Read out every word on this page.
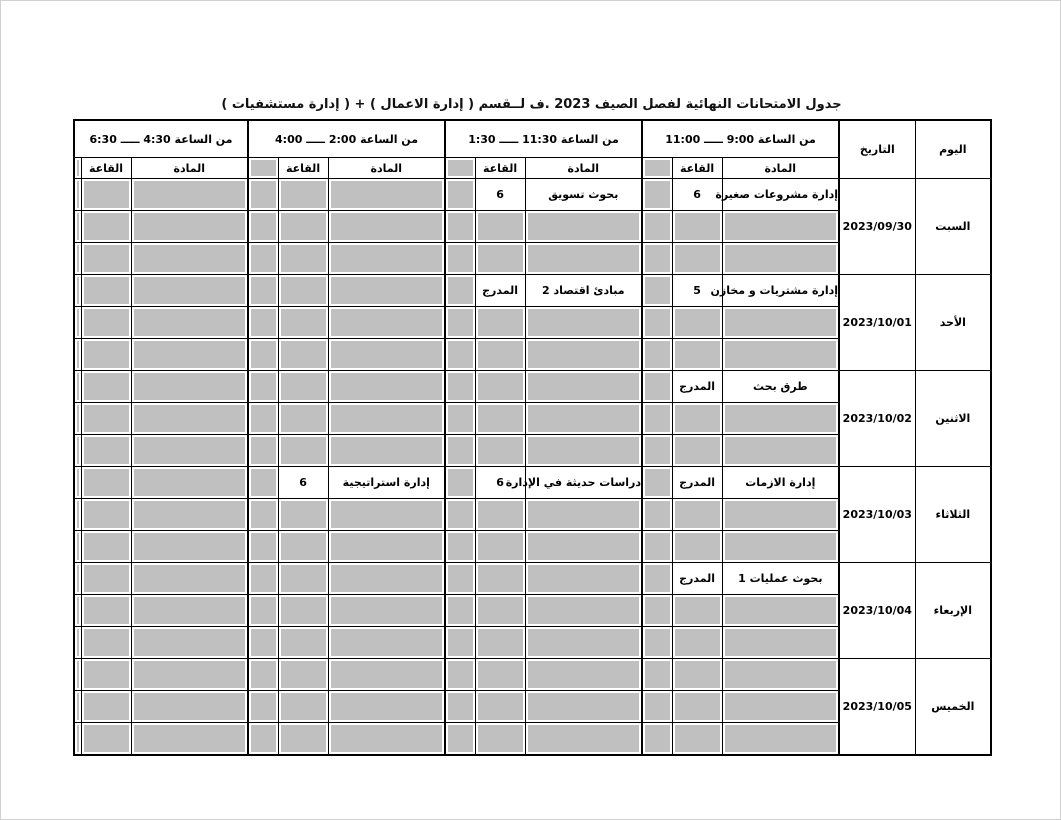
جدول الامتحانات النهائية لفصل الصيف 2023 .ف لــقسم ( إدارة الاعمال ) + ( إدارة مستشفيات )
اليوم	التاريخ	من الساعة 9:00 ـــــ 11:00			من الساعة 11:30 ـــــ 1:30			من الساعة 2:00 ـــــ 4:00			من الساعة 4:30 ـــــ 6:30		
		المادة	القاعة		المادة	القاعة		المادة	القاعة		المادة	القاعة	
السبت	2023/09/30	إدارة مشروعات صغيرة	6		بحوث تسويق	6							

الأحد	2023/10/01	إدارة مشتريات و مخازن	5		مبادئ اقتصاد 2	المدرج							

الاثنين	2023/10/02	طرق بحث	المدرج										

الثلاثاء	2023/10/03	إدارة الازمات	المدرج		دراسات حديثة في الإدارة	6		إدارة استراتيجية	6				

الإربعاء	2023/10/04	بحوث عمليات 1	المدرج										

الخميس	2023/10/05												
